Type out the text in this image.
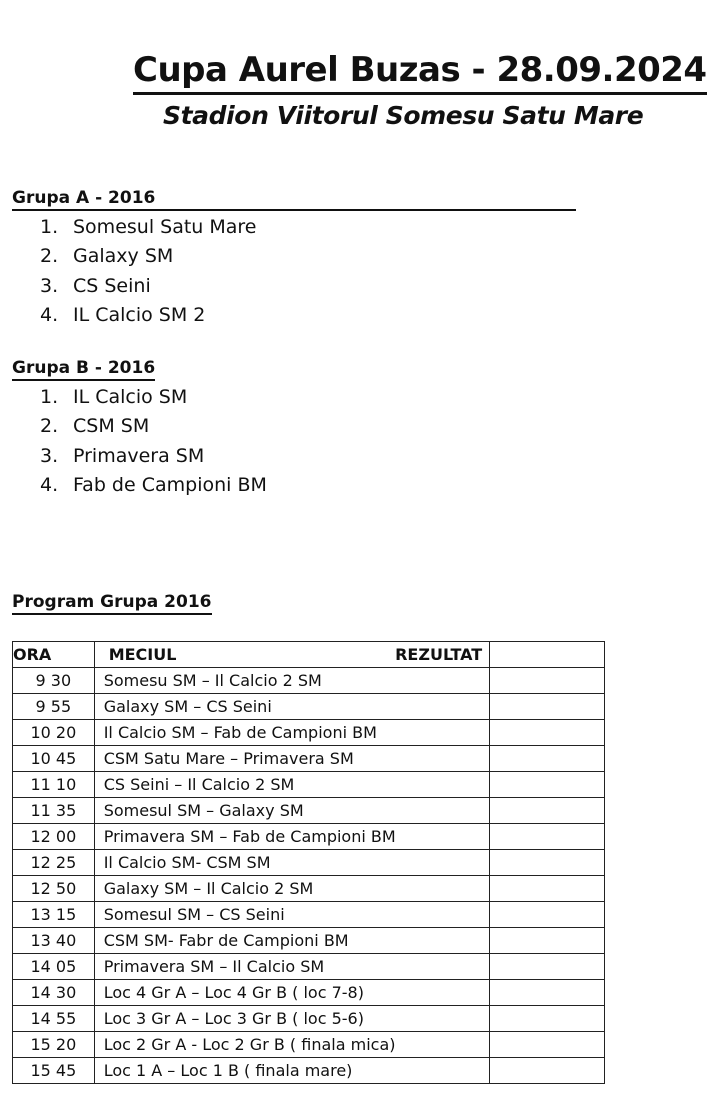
Cupa Aurel Buzas - 28.09.2024
Stadion Viitorul Somesu Satu Mare
Grupa A - 2016
1. Somesul Satu Mare
2. Galaxy SM
3. CS Seini
4. IL Calcio SM 2
Grupa B - 2016
1. IL Calcio SM
2. CSM SM
3. Primavera SM
4. Fab de Campioni BM
Program Grupa 2016
ORA	MECIUL REZULTAT	

9 30	Somesu SM – Il Calcio 2 SM	
9 55	Galaxy SM – CS Seini	
10 20	Il Calcio SM – Fab de Campioni BM	
10 45	CSM Satu Mare – Primavera SM	
11 10	CS Seini – Il Calcio 2 SM	
11 35	Somesul SM – Galaxy SM	
12 00	Primavera SM – Fab de Campioni BM	
12 25	Il Calcio SM- CSM SM	
12 50	Galaxy SM – Il Calcio 2 SM	
13 15	Somesul SM – CS Seini	
13 40	CSM SM- Fabr de Campioni BM	
14 05	Primavera SM – Il Calcio SM	
14 30	Loc 4 Gr A – Loc 4 Gr B ( loc 7-8)	
14 55	Loc 3 Gr A – Loc 3 Gr B ( loc 5-6)	
15 20	Loc 2 Gr A - Loc 2 Gr B ( finala mica)	
15 45	Loc 1 A – Loc 1 B ( finala mare)	
